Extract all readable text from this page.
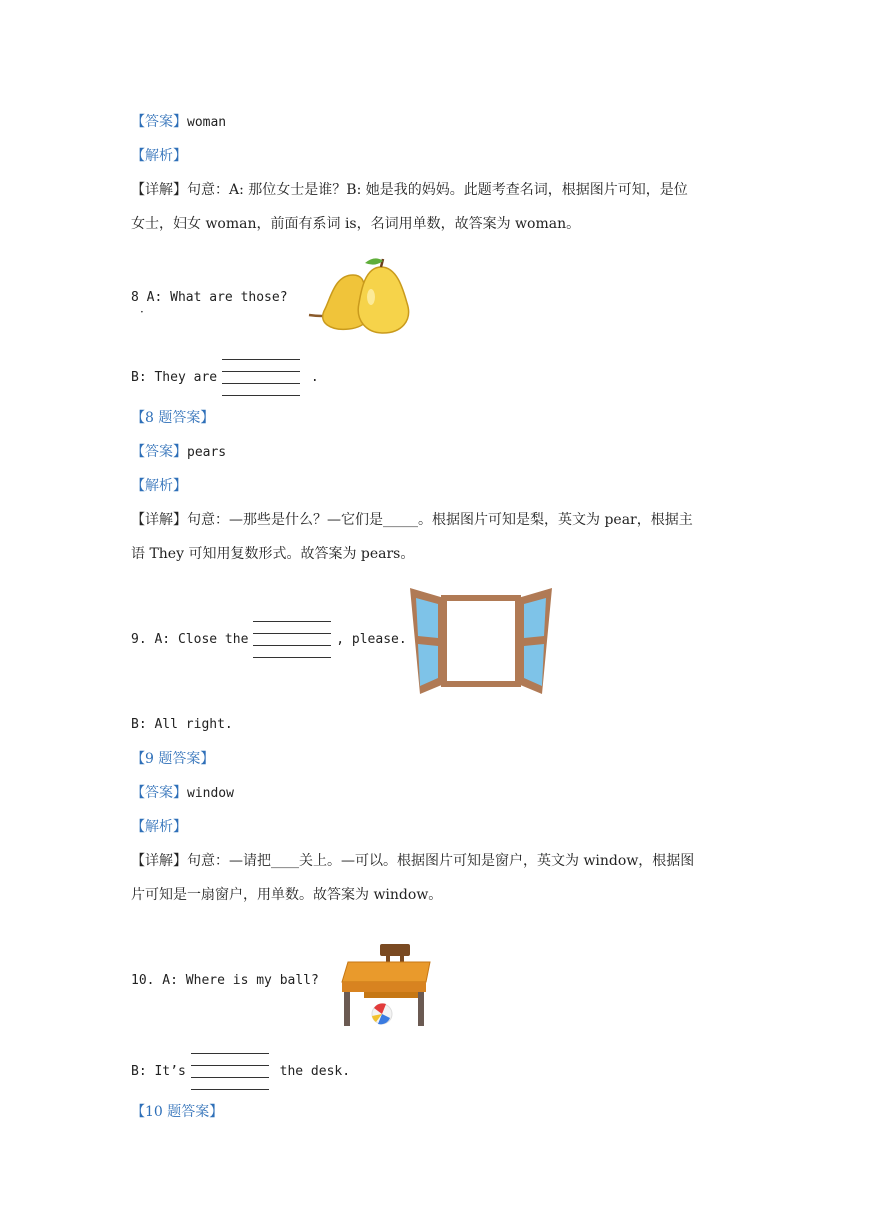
【答案】woman
【解析】
【详解】句意：A: 那位女士是谁？B: 她是我的妈妈。此题考查名词，根据图片可知，是位
女士，妇女 woman，前面有系词 is，名词用单数，故答案为 woman。
8 A: What are those?
·
B: They are	.
【8 题答案】
【答案】pears
【解析】
【详解】句意：—那些是什么？—它们是_____。根据图片可知是梨，英文为 pear，根据主
语 They 可知用复数形式。故答案为 pears。
9. A: Close the	, please.
B: All right.
【9 题答案】
【答案】window
【解析】
【详解】句意：—请把____关上。—可以。根据图片可知是窗户，英文为 window，根据图
片可知是一扇窗户，用单数。故答案为 window。
10. A: Where is my ball?
B: It’s	the desk.
【10 题答案】
